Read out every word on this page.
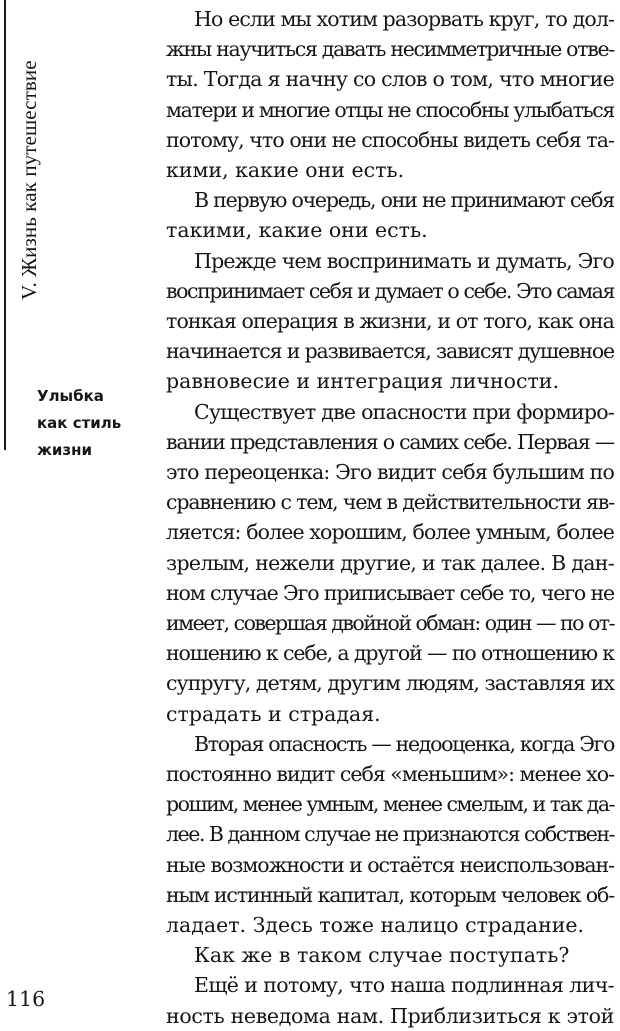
V. Жизнь как путешествие
Улыбка
как стиль
жизни
Но если мы хотим разорвать круг, то дол-
жны научиться давать несимметричные отве-
ты. Тогда я начну со слов о том, что многие
матери и многие отцы не способны улыбаться
потому, что они не способны видеть себя та-
кими, какие они есть.
В первую очередь, они не принимают себя
такими, какие они есть.
Прежде чем воспринимать и думать, Эго
воспринимает себя и думает о себе. Это самая
тонкая операция в жизни, и от того, как она
начинается и развивается, зависят душевное
равновесие и интеграция личности.
Существует две опасности при формиро-
вании представления о самих себе. Первая —
это переоценка: Эго видит себя бульшим по
сравнению с тем, чем в действительности яв-
ляется: более хорошим, более умным, более
зрелым, нежели другие, и так далее. В дан-
ном случае Эго приписывает себе то, чего не
имеет, совершая двойной обман: один — по от-
ношению к себе, а другой — по отношению к
супругу, детям, другим людям, заставляя их
страдать и страдая.
Вторая опасность — недооценка, когда Эго
постоянно видит себя «меньшим»: менее хо-
рошим, менее умным, менее смелым, и так да-
лее. В данном случае не признаются собствен-
ные возможности и остаётся неиспользован-
ным истинный капитал, которым человек об-
ладает. Здесь тоже налицо страдание.
Как же в таком случае поступать?
Ещё и потому, что наша подлинная лич-
ность неведома нам. Приблизиться к этой
116
